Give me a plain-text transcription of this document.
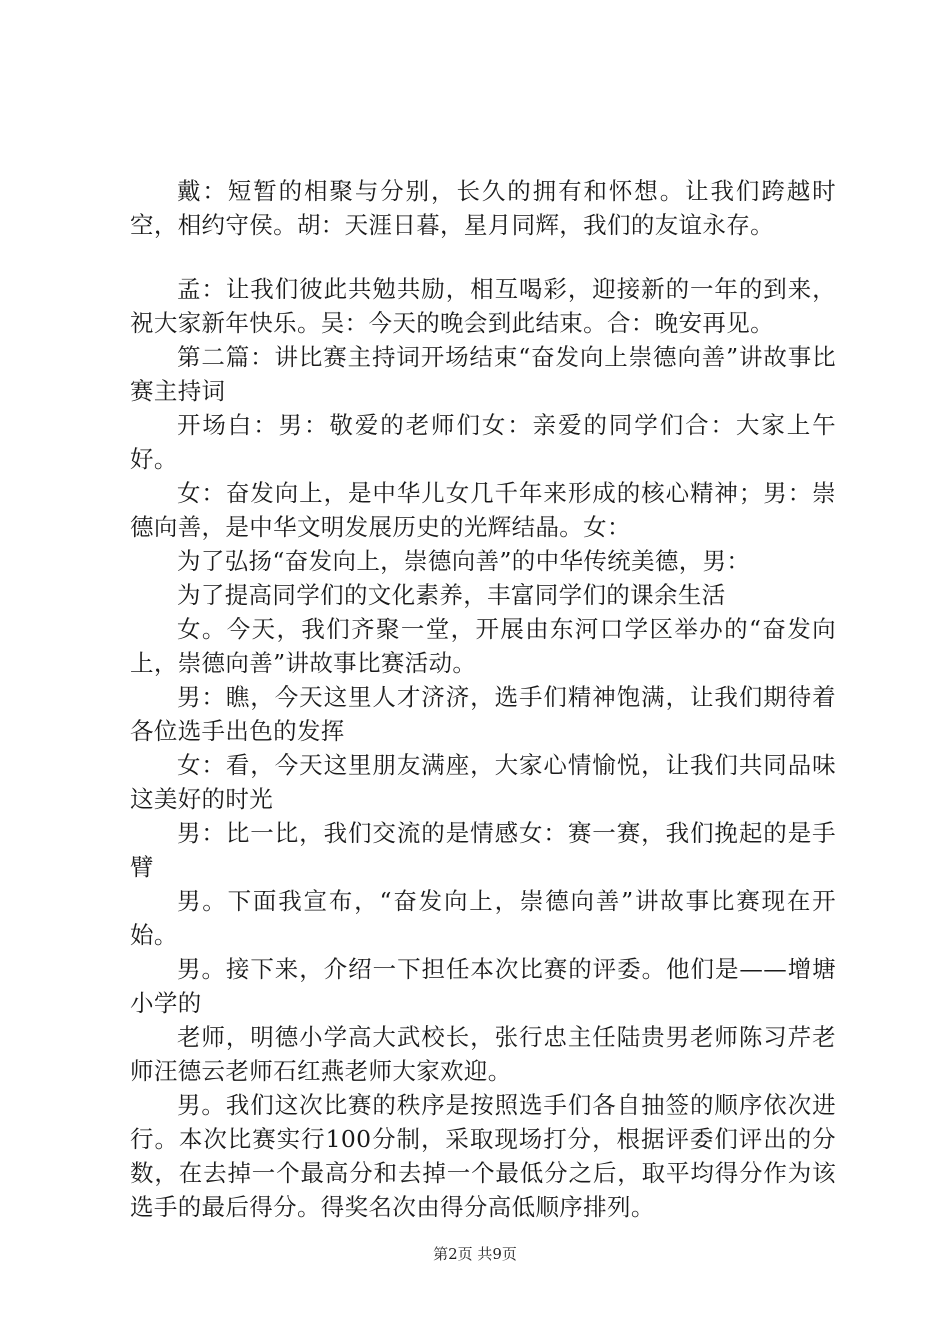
戴：短暂的相聚与分别，长久的拥有和怀想。让我们跨越时空，相约守侯。胡：天涯日暮，星月同辉，我们的友谊永存。

孟：让我们彼此共勉共励，相互喝彩，迎接新的一年的到来，祝大家新年快乐。吴：今天的晚会到此结束。合：晚安再见。

第二篇：讲比赛主持词开场结束“奋发向上崇德向善”讲故事比赛主持词

开场白：男：敬爱的老师们女：亲爱的同学们合：大家上午好。

女：奋发向上，是中华儿女几千年来形成的核心精神；男：崇德向善，是中华文明发展历史的光辉结晶。女：

为了弘扬“奋发向上，崇德向善”的中华传统美德，男：

为了提高同学们的文化素养，丰富同学们的课余生活

女。今天，我们齐聚一堂，开展由东河口学区举办的“奋发向上，崇德向善”讲故事比赛活动。

男：瞧，今天这里人才济济，选手们精神饱满，让我们期待着各位选手出色的发挥

女：看，今天这里朋友满座，大家心情愉悦，让我们共同品味这美好的时光

男：比一比，我们交流的是情感女：赛一赛，我们挽起的是手臂

男。下面我宣布，“奋发向上，崇德向善”讲故事比赛现在开始。

男。接下来，介绍一下担任本次比赛的评委。他们是——增塘小学的

老师，明德小学高大武校长，张行忠主任陆贵男老师陈习芹老师汪德云老师石红燕老师大家欢迎。

男。我们这次比赛的秩序是按照选手们各自抽签的顺序依次进行。本次比赛实行100分制，采取现场打分，根据评委们评出的分数，在去掉一个最高分和去掉一个最低分之后，取平均得分作为该选手的最后得分。得奖名次由得分高低顺序排列。

第2页 共9页
